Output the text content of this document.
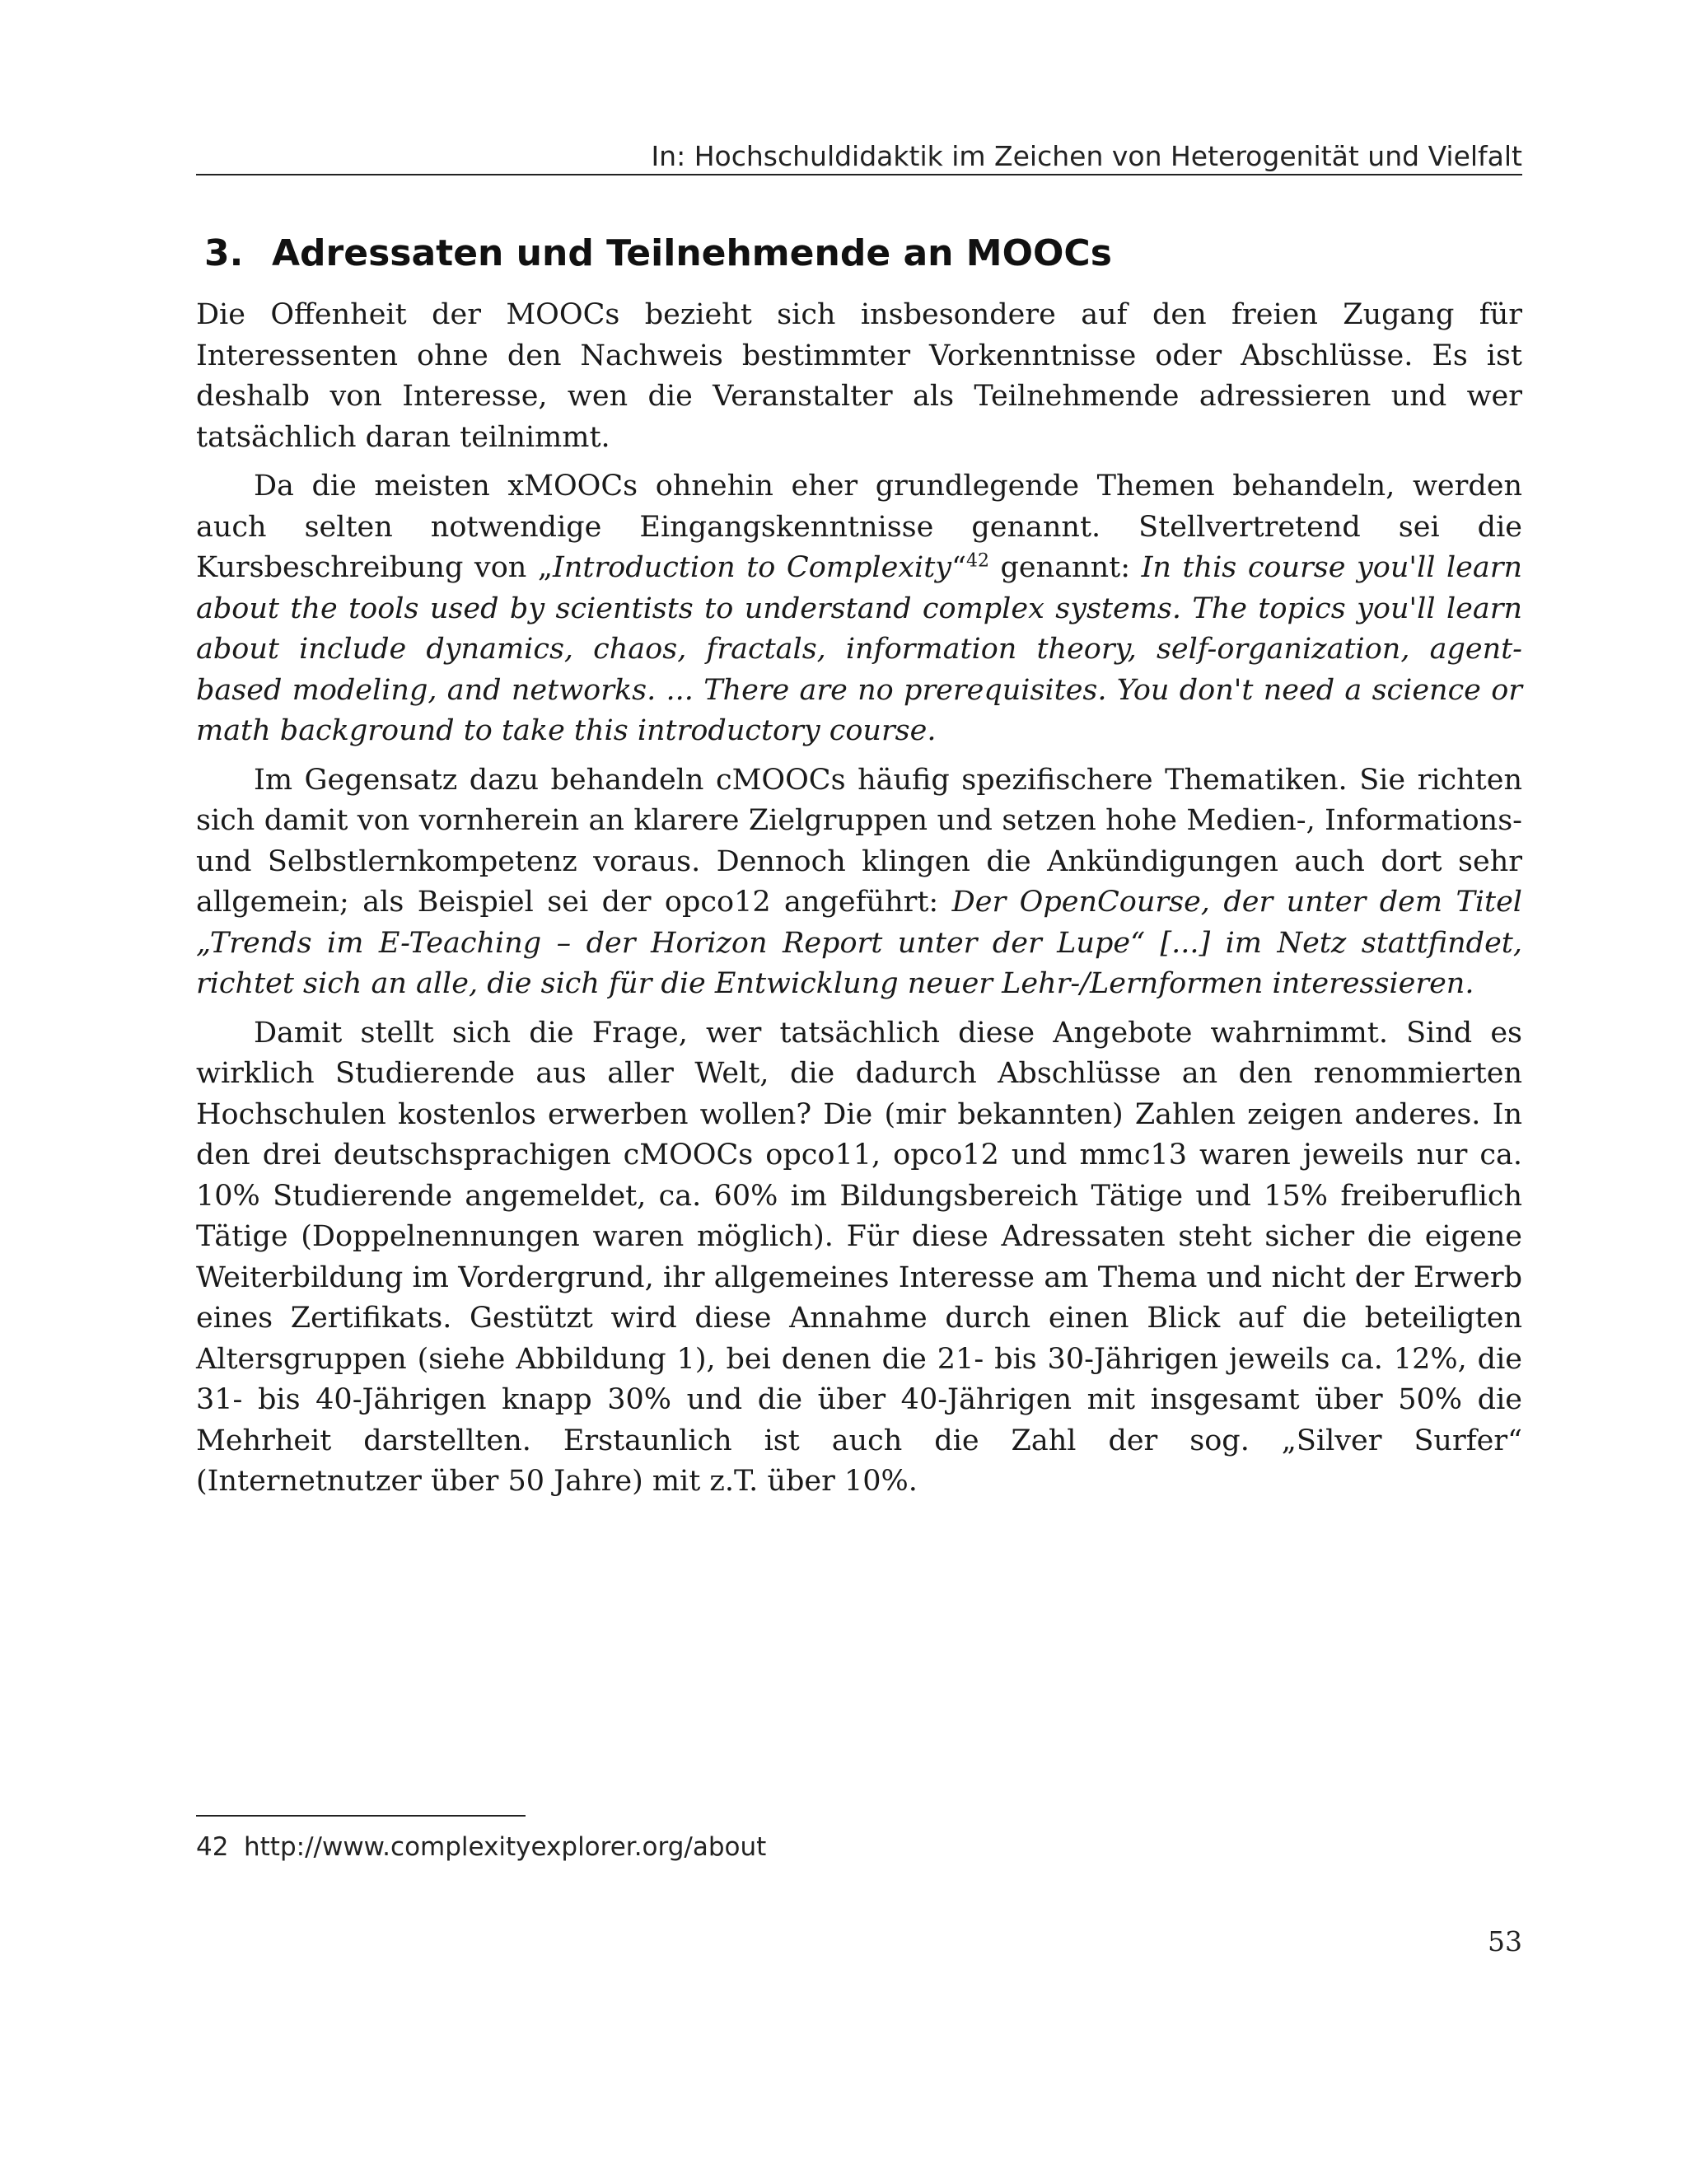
In: Hochschuldidaktik im Zeichen von Heterogenität und Vielfalt
3. Adressaten und Teilnehmende an MOOCs

Die Offenheit der MOOCs bezieht sich insbesondere auf den freien Zugang für Interessenten ohne den Nachweis bestimmter Vorkenntnisse oder Abschlüsse. Es ist deshalb von Interesse, wen die Veranstalter als Teilnehmende adressieren und wer tatsächlich daran teilnimmt.

Da die meisten xMOOCs ohnehin eher grundlegende Themen behandeln, werden auch selten notwendige Eingangskenntnisse genannt. Stellvertretend sei die Kursbeschreibung von „Introduction to Complexity“$^{42}$ genannt: In this course you'll learn about the tools used by scientists to understand complex systems. The topics you'll learn about include dynamics, chaos, fractals, information theory, self-organization, agent-based modeling, and networks. ... There are no prerequisites. You don't need a science or math background to take this introductory course.

Im Gegensatz dazu behandeln cMOOCs häufig spezifischere Thematiken. Sie richten sich damit von vornherein an klarere Zielgruppen und setzen hohe Medien-, Informations- und Selbstlernkompetenz voraus. Dennoch klingen die Ankündigungen auch dort sehr allgemein; als Beispiel sei der opco12 angeführt: Der OpenCourse, der unter dem Titel „Trends im E-Teaching – der Horizon Report unter der Lupe“ [...] im Netz stattfindet, richtet sich an alle, die sich für die Entwicklung neuer Lehr-/Lernformen interessieren.

Damit stellt sich die Frage, wer tatsächlich diese Angebote wahrnimmt. Sind es wirklich Studierende aus aller Welt, die dadurch Abschlüsse an den renommierten Hochschulen kostenlos erwerben wollen? Die (mir bekannten) Zahlen zeigen anderes. In den drei deutschsprachigen cMOOCs opco11, opco12 und mmc13 waren jeweils nur ca. 10% Studierende angemeldet, ca. 60% im Bildungsbereich Tätige und 15% freiberuflich Tätige (Doppelnennungen waren möglich). Für diese Adressaten steht sicher die eigene Weiterbildung im Vordergrund, ihr allgemeines Interesse am Thema und nicht der Erwerb eines Zertifikats. Gestützt wird diese Annahme durch einen Blick auf die beteiligten Altersgruppen (siehe Abbildung 1), bei denen die 21- bis 30-Jährigen jeweils ca. 12%, die 31- bis 40-Jährigen knapp 30% und die über 40-Jährigen mit insgesamt über 50% die Mehrheit darstellten. Erstaunlich ist auch die Zahl der sog. „Silver Surfer“ (Internetnutzer über 50 Jahre) mit z.T. über 10%.

42 http://www.complexityexplorer.org/about
53
